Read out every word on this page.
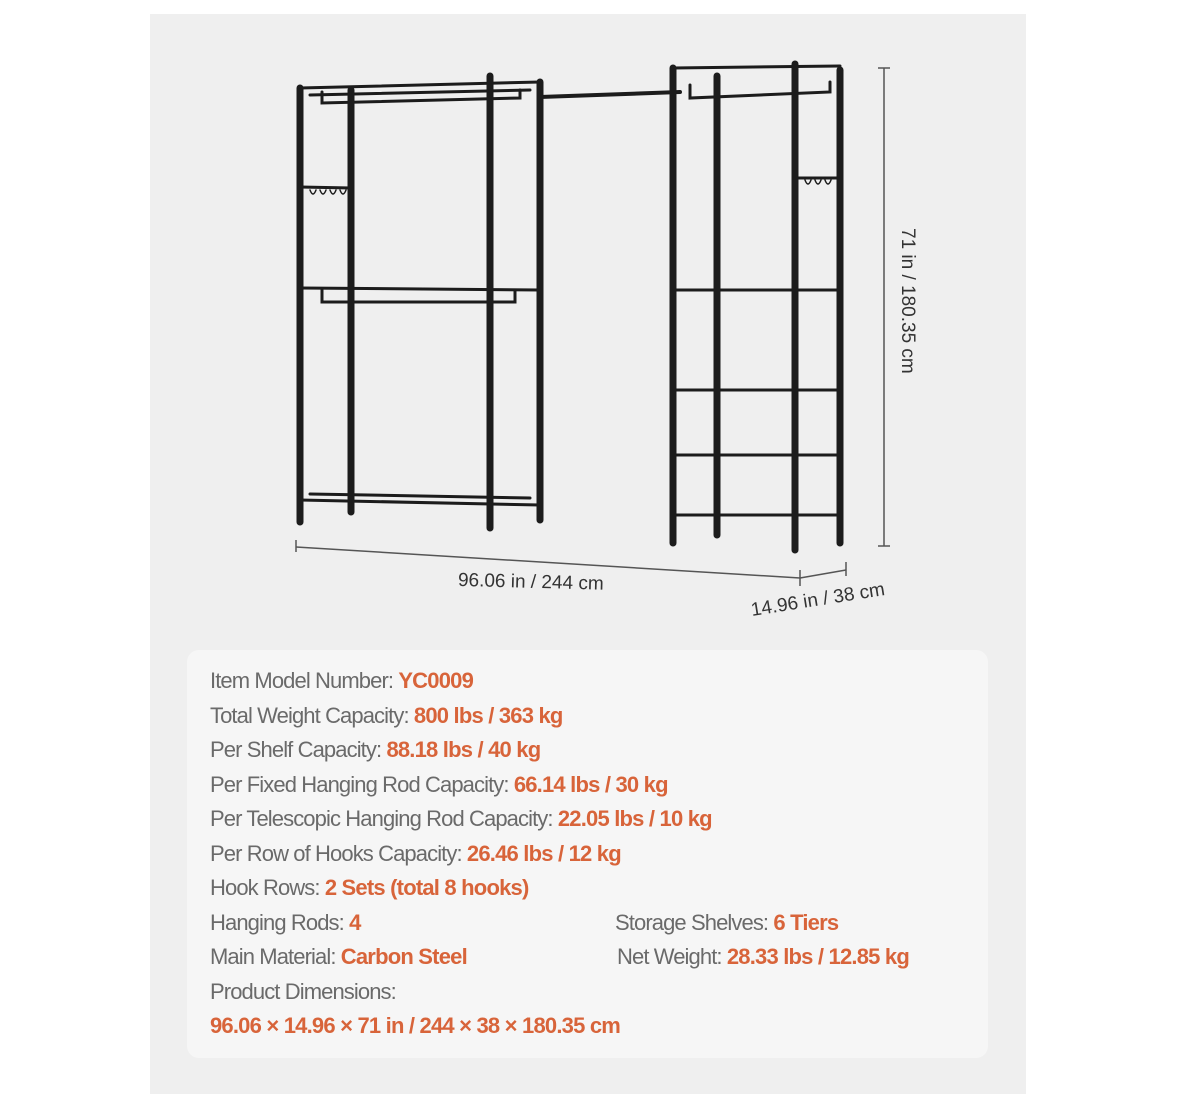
96.06 in / 244 cm	14.96 in / 38 cm
71 in / 180.35 cm
Item Model Number: YC0009
Total Weight Capacity: 800 lbs / 363 kg
Per Shelf Capacity: 88.18 lbs / 40 kg
Per Fixed Hanging Rod Capacity: 66.14 lbs / 30 kg
Per Telescopic Hanging Rod Capacity: 22.05 lbs / 10 kg
Per Row of Hooks Capacity: 26.46 lbs / 12 kg
Hook Rows: 2 Sets (total 8 hooks)
Hanging Rods: 4	Storage Shelves: 6 Tiers
Main Material: Carbon Steel	Net Weight: 28.33 lbs / 12.85 kg
Product Dimensions:
96.06 × 14.96 × 71 in / 244 × 38 × 180.35 cm
